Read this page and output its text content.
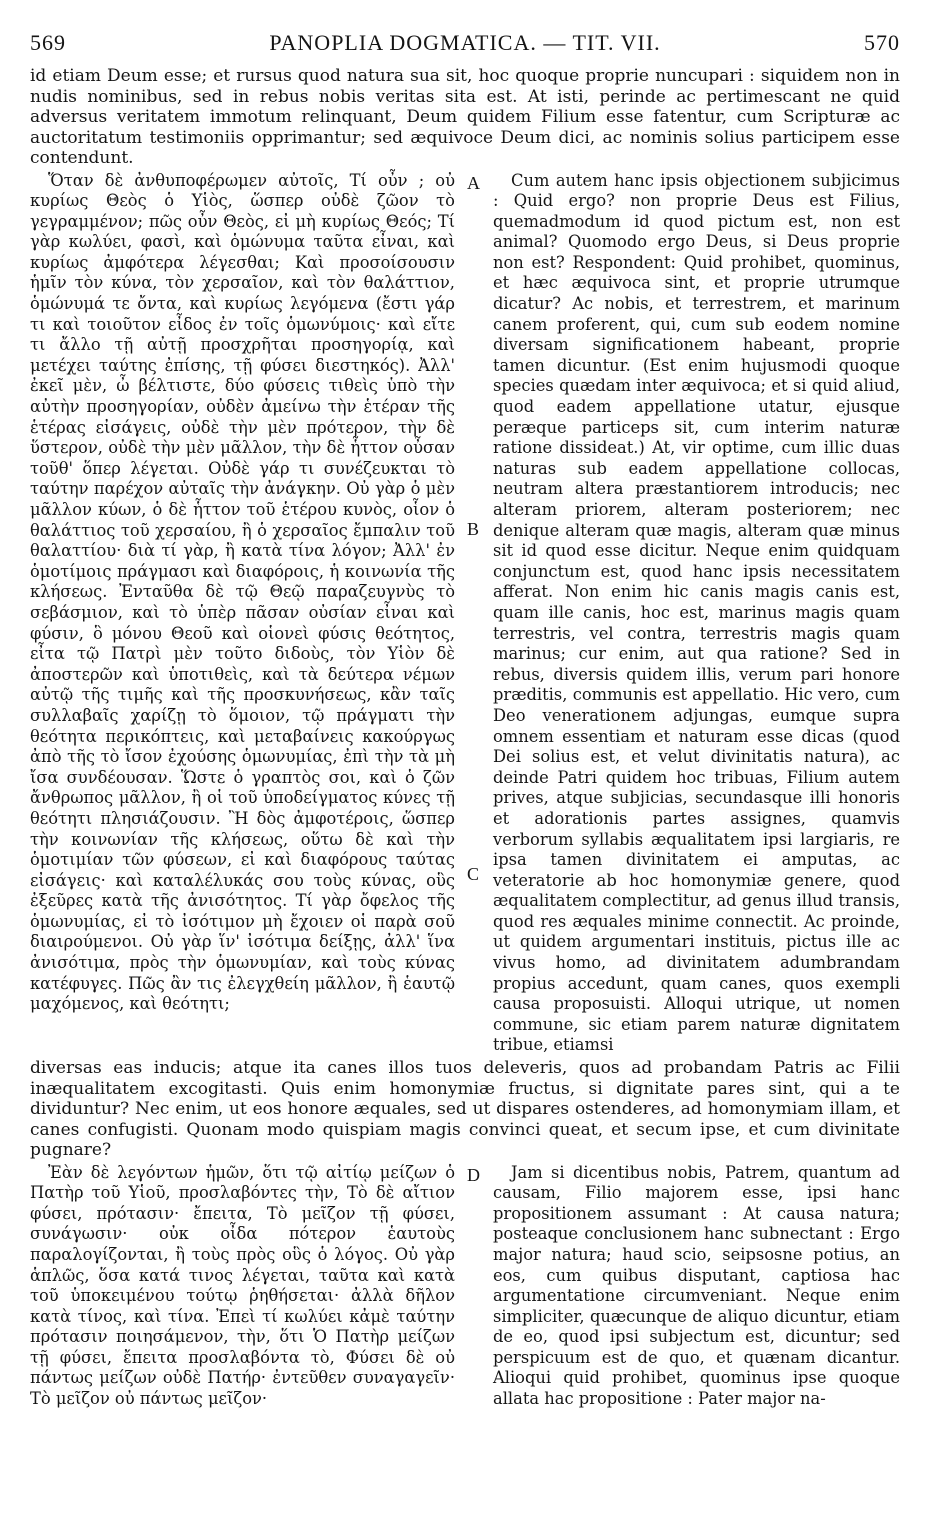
569	PANOPLIA DOGMATICA. — TIT. VII.	570

id etiam Deum esse; et rursus quod natura sua sit, hoc quoque proprie nuncupari : siquidem non in nudis nominibus, sed in rebus nobis veritas sita est. At isti, perinde ac pertimescant ne quid adversus veritatem immotum relinquant, Deum quidem Filium esse fatentur, cum Scripturæ ac auctoritatum testimoniis opprimantur; sed æquivoce Deum dici, ac nominis solius participem esse contendunt.

Ὅταν δὲ ἀνθυποφέρωμεν αὐτοῖς, Τί οὖν ; οὐ κυρίως Θεὸς ὁ Υἱὸς, ὥσπερ οὐδὲ ζῶον τὸ γεγραμμένον; πῶς οὖν Θεὸς, εἰ μὴ κυρίως Θεός; Τί γὰρ κωλύει, φασὶ, καὶ ὁμώνυμα ταῦτα εἶναι, καὶ κυρίως ἀμφότερα λέγεσθαι; Καὶ προσοίσουσιν ἡμῖν τὸν κύνα, τὸν χερσαῖον, καὶ τὸν θαλάττιον, ὁμώνυμά τε ὄντα, καὶ κυρίως λεγόμενα (ἔστι γάρ τι καὶ τοιοῦτον εἶδος ἐν τοῖς ὁμωνύμοις· καὶ εἴτε τι ἄλλο τῇ αὐτῇ προσχρῆται προσηγορίᾳ, καὶ μετέχει ταύτης ἐπίσης, τῇ φύσει διεστηκός). Ἀλλ' ἐκεῖ μὲν, ὦ βέλτιστε, δύο φύσεις τιθεὶς ὑπὸ τὴν αὐτὴν προσηγορίαν, οὐδὲν ἀμείνω τὴν ἑτέραν τῆς ἑτέρας εἰσάγεις, οὐδὲ τὴν μὲν πρότερον, τὴν δὲ ὕστερον, οὐδὲ τὴν μὲν μᾶλλον, τὴν δὲ ἧττον οὖσαν τοῦθ' ὅπερ λέγεται. Οὐδὲ γάρ τι συνέζευκται τὸ ταύτην παρέχον αὐταῖς τὴν ἀνάγκην. Οὐ γὰρ ὁ μὲν μᾶλλον κύων, ὁ δὲ ἧττον τοῦ ἑτέρου κυνὸς, οἷον ὁ θαλάττιος τοῦ χερσαίου, ἢ ὁ χερσαῖος ἔμπαλιν τοῦ θαλαττίου· διὰ τί γὰρ, ἢ κατὰ τίνα λόγον; Ἀλλ' ἐν ὁμοτίμοις πράγμασι καὶ διαφόροις, ἡ κοινωνία τῆς κλήσεως. Ἐνταῦθα δὲ τῷ Θεῷ παραζευγνὺς τὸ σεβάσμιον, καὶ τὸ ὑπὲρ πᾶσαν οὐσίαν εἶναι καὶ φύσιν, ὃ μόνου Θεοῦ καὶ οἱονεὶ φύσις θεότητος, εἶτα τῷ Πατρὶ μὲν τοῦτο διδοὺς, τὸν Υἱὸν δὲ ἀποστερῶν καὶ ὑποτιθεὶς, καὶ τὰ δεύτερα νέμων αὐτῷ τῆς τιμῆς καὶ τῆς προσκυνήσεως, κἂν ταῖς συλλαβαῖς χαρίζῃ τὸ ὅμοιον, τῷ πράγματι τὴν θεότητα περικόπτεις, καὶ μεταβαίνεις κακούργως ἀπὸ τῆς τὸ ἴσον ἐχούσης ὁμωνυμίας, ἐπὶ τὴν τὰ μὴ ἴσα συνδέουσαν. Ὥστε ὁ γραπτὸς σοι, καὶ ὁ ζῶν ἄνθρωπος μᾶλλον, ἢ οἱ τοῦ ὑποδείγματος κύνες τῇ θεότητι πλησιάζουσιν. Ἢ δὸς ἀμφοτέροις, ὥσπερ τὴν κοινωνίαν τῆς κλήσεως, οὕτω δὲ καὶ τὴν ὁμοτιμίαν τῶν φύσεων, εἰ καὶ διαφόρους ταύτας εἰσάγεις· καὶ καταλέλυκάς σου τοὺς κύνας, οὓς ἐξεῦρες κατὰ τῆς ἀνισότητος. Τί γὰρ ὄφελος τῆς ὁμωνυμίας, εἰ τὸ ἰσότιμον μὴ ἔχοιεν οἱ παρὰ σοῦ διαιρούμενοι. Οὐ γὰρ ἵν' ἰσότιμα δείξῃς, ἀλλ' ἵνα ἀνισότιμα, πρὸς τὴν ὁμωνυμίαν, καὶ τοὺς κύνας κατέφυγες. Πῶς ἂν τις ἐλεγχθείη μᾶλλον, ἢ ἑαυτῷ μαχόμενος, καὶ θεότητι;
A
B
C
Cum autem hanc ipsis objectionem subjicimus : Quid ergo? non proprie Deus est Filius, quemadmodum id quod pictum est, non est animal? Quomodo ergo Deus, si Deus proprie non est? Respondent: Quid prohibet, quominus, et hæc æquivoca sint, et proprie utrumque dicatur? Ac nobis, et terrestrem, et marinum canem proferent, qui, cum sub eodem nomine diversam significationem habeant, proprie tamen dicuntur. (Est enim hujusmodi quoque species quædam inter æquivoca; et si quid aliud, quod eadem appellatione utatur, ejusque peræque particeps sit, cum interim naturæ ratione dissideat.) At, vir optime, cum illic duas naturas sub eadem appellatione collocas, neutram altera præstantiorem introducis; nec alteram priorem, alteram posteriorem; nec denique alteram quæ magis, alteram quæ minus sit id quod esse dicitur. Neque enim quidquam conjunctum est, quod hanc ipsis necessitatem afferat. Non enim hic canis magis canis est, quam ille canis, hoc est, marinus magis quam terrestris, vel contra, terrestris magis quam marinus; cur enim, aut qua ratione? Sed in rebus, diversis quidem illis, verum pari honore præditis, communis est appellatio. Hic vero, cum Deo venerationem adjungas, eumque supra omnem essentiam et naturam esse dicas (quod Dei solius est, et velut divinitatis natura), ac deinde Patri quidem hoc tribuas, Filium autem prives, atque subjicias, secundasque illi honoris et adorationis partes assignes, quamvis verborum syllabis æqualitatem ipsi largiaris, re ipsa tamen divinitatem ei amputas, ac veteratorie ab hoc homonymiæ genere, quod æqualitatem complectitur, ad genus illud transis, quod res æquales minime connectit. Ac proinde, ut quidem argumentari instituis, pictus ille ac vivus homo, ad divinitatem adumbrandam propius accedunt, quam canes, quos exempli causa proposuisti. Alloqui utrique, ut nomen commune, sic etiam parem naturæ dignitatem tribue, etiamsi

diversas eas inducis; atque ita canes illos tuos deleveris, quos ad probandam Patris ac Filii inæqualitatem excogitasti. Quis enim homonymiæ fructus, si dignitate pares sint, qui a te dividuntur? Nec enim, ut eos honore æquales, sed ut dispares ostenderes, ad homonymiam illam, et canes confugisti. Quonam modo quispiam magis convinci queat, et secum ipse, et cum divinitate pugnare?

Ἐὰν δὲ λεγόντων ἡμῶν, ὅτι τῷ αἰτίῳ μείζων ὁ Πατὴρ τοῦ Υἱοῦ, προσλαβόντες τὴν, Τὸ δὲ αἴτιον φύσει, πρότασιν· ἔπειτα, Τὸ μεῖζον τῇ φύσει, συνάγωσιν· οὐκ οἶδα πότερον ἑαυτοὺς παραλογίζονται, ἢ τοὺς πρὸς οὓς ὁ λόγος. Οὐ γὰρ ἁπλῶς, ὅσα κατά τινος λέγεται, ταῦτα καὶ κατὰ τοῦ ὑποκειμένου τούτῳ ῥηθήσεται· ἀλλὰ δῆλον κατὰ τίνος, καὶ τίνα. Ἐπεὶ τί κωλύει κἀμὲ ταύτην πρότασιν ποιησάμενον, τὴν, ὅτι Ὁ Πατὴρ μείζων τῇ φύσει, ἔπειτα προσλαβόντα τὸ, Φύσει δὲ οὐ πάντως μείζων οὐδὲ Πατήρ· ἐντεῦθεν συναγαγεῖν· Τὸ μεῖζον οὐ πάντως μεῖζον·
D	Jam si dicentibus nobis, Patrem, quantum ad causam, Filio majorem esse, ipsi hanc propositionem assumant : At causa natura; posteaque conclusionem hanc subnectant : Ergo major natura; haud scio, seipsosne potius, an eos, cum quibus disputant, captiosa hac argumentatione circumveniant. Neque enim simpliciter, quæcunque de aliquo dicuntur, etiam de eo, quod ipsi subjectum est, dicuntur; sed perspicuum est de quo, et quænam dicantur. Alioqui quid prohibet, quominus ipse quoque allata hac propositione : Pater major na-
